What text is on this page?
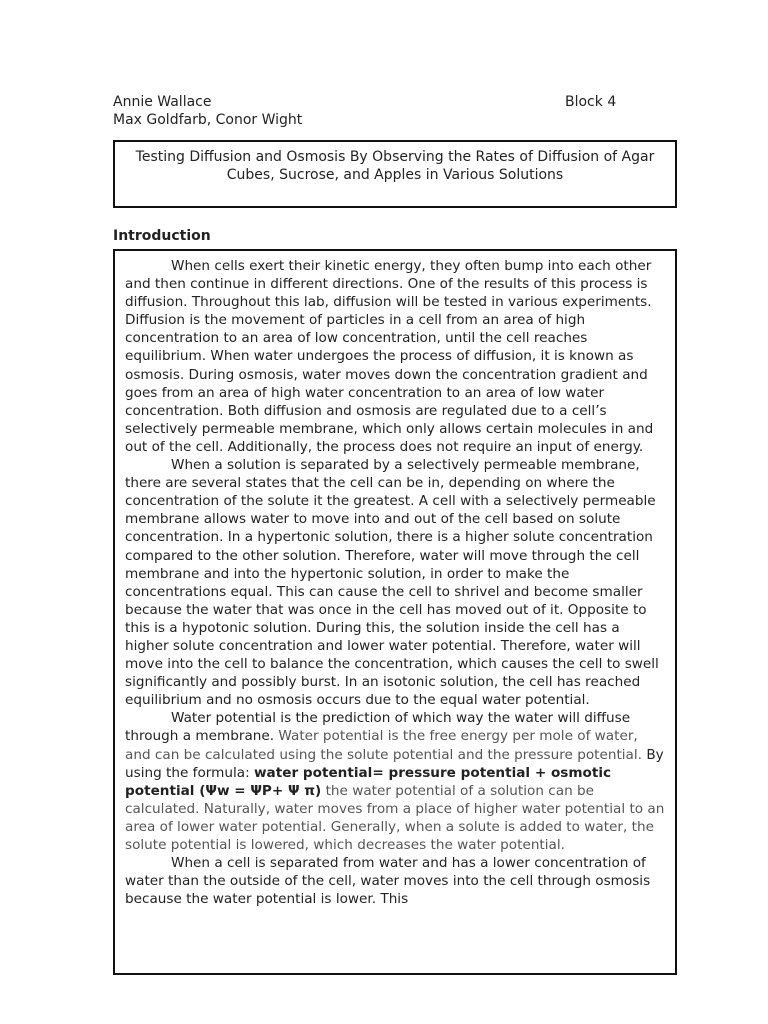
Annie Wallace
Max Goldfarb, Conor Wight
Block 4
Testing Diffusion and Osmosis By Observing the Rates of Diffusion of Agar Cubes, Sucrose, and Apples in Various Solutions
Introduction

When cells exert their kinetic energy, they often bump into each other and then continue in different directions. One of the results of this process is diffusion. Throughout this lab, diffusion will be tested in various experiments. Diffusion is the movement of particles in a cell from an area of high concentration to an area of low concentration, until the cell reaches equilibrium. When water undergoes the process of diffusion, it is known as osmosis. During osmosis, water moves down the concentration gradient and goes from an area of high water concentration to an area of low water concentration. Both diffusion and osmosis are regulated due to a cell’s selectively permeable membrane, which only allows certain molecules in and out of the cell. Additionally, the process does not require an input of energy.

When a solution is separated by a selectively permeable membrane, there are several states that the cell can be in, depending on where the concentration of the solute it the greatest. A cell with a selectively permeable membrane allows water to move into and out of the cell based on solute concentration. In a hypertonic solution, there is a higher solute concentration compared to the other solution. Therefore, water will move through the cell membrane and into the hypertonic solution, in order to make the concentrations equal. This can cause the cell to shrivel and become smaller because the water that was once in the cell has moved out of it. Opposite to this is a hypotonic solution. During this, the solution inside the cell has a higher solute concentration and lower water potential. Therefore, water will move into the cell to balance the concentration, which causes the cell to swell significantly and possibly burst. In an isotonic solution, the cell has reached equilibrium and no osmosis occurs due to the equal water potential.

Water potential is the prediction of which way the water will diffuse through a membrane. Water potential is the free energy per mole of water, and can be calculated using the solute potential and the pressure potential. By using the formula: water potential= pressure potential + osmotic potential (Ψw = ΨP+ Ψ π) the water potential of a solution can be calculated. Naturally, water moves from a place of higher water potential to an area of lower water potential. Generally, when a solute is added to water, the solute potential is lowered, which decreases the water potential.

When a cell is separated from water and has a lower concentration of water than the outside of the cell, water moves into the cell through osmosis because the water potential is lower. This
